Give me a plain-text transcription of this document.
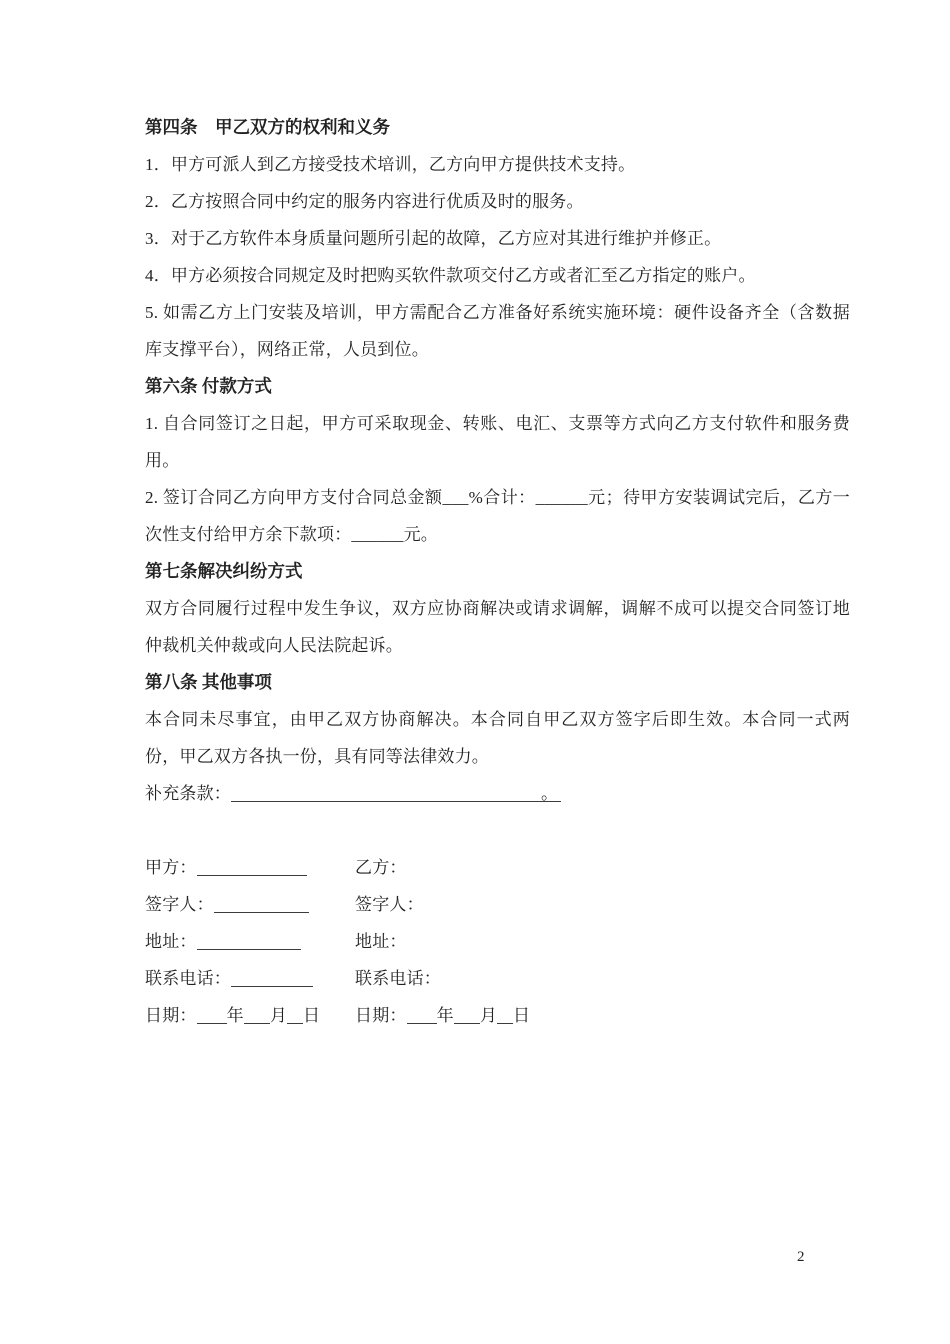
第四条　甲乙双方的权利和义务

1．甲方可派人到乙方接受技术培训，乙方向甲方提供技术支持。

2．乙方按照合同中约定的服务内容进行优质及时的服务。

3．对于乙方软件本身质量问题所引起的故障，乙方应对其进行维护并修正。

4．甲方必须按合同规定及时把购买软件款项交付乙方或者汇至乙方指定的账户。

5. 如需乙方上门安装及培训，甲方需配合乙方准备好系统实施环境：硬件设备齐全（含数据库支撑平台），网络正常，人员到位。

第六条 付款方式

1. 自合同签订之日起，甲方可采取现金、转账、电汇、支票等方式向乙方支付软件和服务费用。

2. 签订合同乙方向甲方支付合同总金额___%合计：______元；待甲方安装调试完后，乙方一次性支付给甲方余下款项：______元。

第七条解决纠纷方式

双方合同履行过程中发生争议，双方应协商解决或请求调解，调解不成可以提交合同签订地仲裁机关仲裁或向人民法院起诉。

第八条 其他事项

本合同未尽事宜，由甲乙双方协商解决。本合同自甲乙双方签字后即生效。本合同一式两份，甲乙双方各执一份，具有同等法律效力。

补充条款：	。

甲方：	乙方：
签字人：	签字人：
地址：	地址：
联系电话：	联系电话：
日期： 年 月 日	日期： 年 月 日
2
